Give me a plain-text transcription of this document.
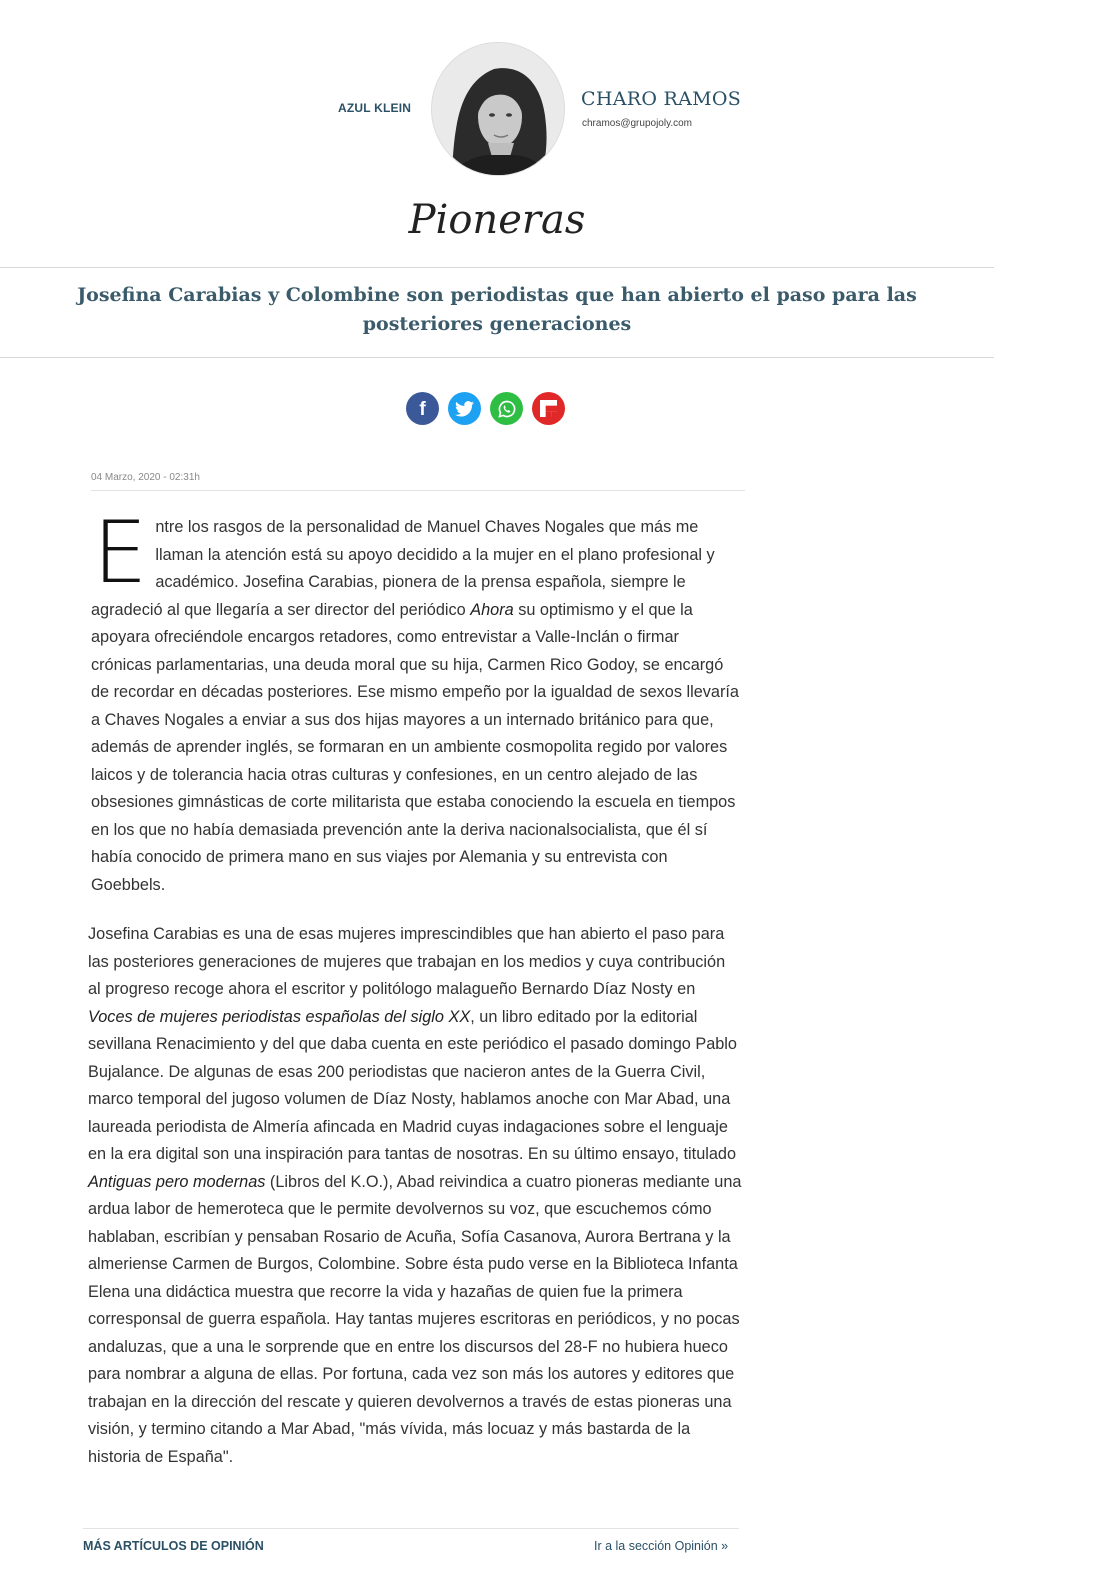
AZUL KLEIN	CHARO RAMOS
chramos@grupojoly.com
Pioneras
Josefina Carabias y Colombine son periodistas que han abierto el paso para las posteriores generaciones
f
04 Marzo, 2020 - 02:31h

Entre los rasgos de la personalidad de Manuel Chaves Nogales que más me llaman la atención está su apoyo decidido a la mujer en el plano profesional y académico. Josefina Carabias, pionera de la prensa española, siempre le agradeció al que llegaría a ser director del periódico Ahora su optimismo y el que la apoyara ofreciéndole encargos retadores, como entrevistar a Valle-Inclán o firmar crónicas parlamentarias, una deuda moral que su hija, Carmen Rico Godoy, se encargó de recordar en décadas posteriores. Ese mismo empeño por la igualdad de sexos llevaría a Chaves Nogales a enviar a sus dos hijas mayores a un internado británico para que, además de aprender inglés, se formaran en un ambiente cosmopolita regido por valores laicos y de tolerancia hacia otras culturas y confesiones, en un centro alejado de las obsesiones gimnásticas de corte militarista que estaba conociendo la escuela en tiempos en los que no había demasiada prevención ante la deriva nacionalsocialista, que él sí había conocido de primera mano en sus viajes por Alemania y su entrevista con Goebbels.

Josefina Carabias es una de esas mujeres imprescindibles que han abierto el paso para las posteriores generaciones de mujeres que trabajan en los medios y cuya contribución al progreso recoge ahora el escritor y politólogo malagueño Bernardo Díaz Nosty en Voces de mujeres periodistas españolas del siglo XX, un libro editado por la editorial sevillana Renacimiento y del que daba cuenta en este periódico el pasado domingo Pablo Bujalance. De algunas de esas 200 periodistas que nacieron antes de la Guerra Civil, marco temporal del jugoso volumen de Díaz Nosty, hablamos anoche con Mar Abad, una laureada periodista de Almería afincada en Madrid cuyas indagaciones sobre el lenguaje en la era digital son una inspiración para tantas de nosotras. En su último ensayo, titulado Antiguas pero modernas (Libros del K.O.), Abad reivindica a cuatro pioneras mediante una ardua labor de hemeroteca que le permite devolvernos su voz, que escuchemos cómo hablaban, escribían y pensaban Rosario de Acuña, Sofía Casanova, Aurora Bertrana y la almeriense Carmen de Burgos, Colombine. Sobre ésta pudo verse en la Biblioteca Infanta Elena una didáctica muestra que recorre la vida y hazañas de quien fue la primera corresponsal de guerra española. Hay tantas mujeres escritoras en periódicos, y no pocas andaluzas, que a una le sorprende que en entre los discursos del 28-F no hubiera hueco para nombrar a alguna de ellas. Por fortuna, cada vez son más los autores y editores que trabajan en la dirección del rescate y quieren devolvernos a través de estas pioneras una visión, y termino citando a Mar Abad, "más vívida, más locuaz y más bastarda de la historia de España".

MÁS ARTÍCULOS DE OPINIÓN	Ir a la sección Opinión »
